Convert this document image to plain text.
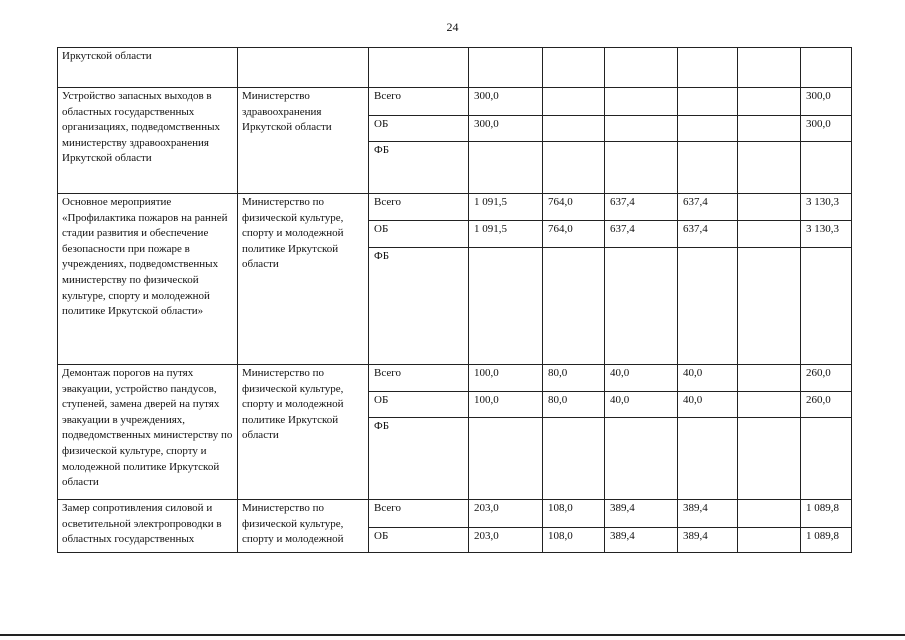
24
Иркутской области								
Устройство запасных выходов в областных государственных организациях, подведомственных министерству здравоохранения Иркутской области	Министерство здравоохранения Иркутской области	Всего	300,0					300,0
		ОБ	300,0					300,0
		ФБ						
Основное мероприятие «Профилактика пожаров на ранней стадии развития и обеспечение безопасности при пожаре в учреждениях, подведомственных министерству по физической культуре, спорту и молодежной политике Иркутской области»	Министерство по физической культуре, спорту и молодежной политике Иркутской области	Всего	1 091,5	764,0	637,4	637,4		3 130,3
		ОБ	1 091,5	764,0	637,4	637,4		3 130,3
		ФБ						
Демонтаж порогов на путях эвакуации, устройство пандусов, ступеней, замена дверей на путях эвакуации в учреждениях, подведомственных министерству по физической культуре, спорту и молодежной политике Иркутской области	Министерство по физической культуре, спорту и молодежной политике Иркутской области	Всего	100,0	80,0	40,0	40,0		260,0
		ОБ	100,0	80,0	40,0	40,0		260,0
		ФБ						
Замер сопротивления силовой и осветительной электропроводки в областных государственных	Министерство по физической культуре, спорту и молодежной	Всего	203,0	108,0	389,4	389,4		1 089,8
		ОБ	203,0	108,0	389,4	389,4		1 089,8
